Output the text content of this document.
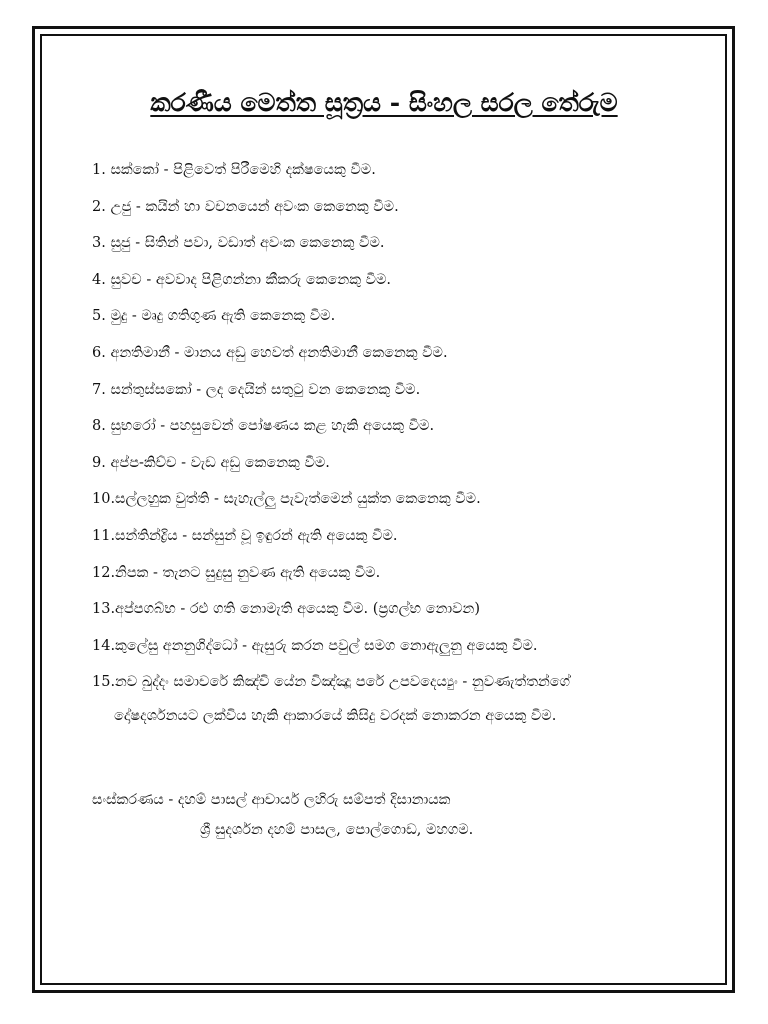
කරණීය මෙත්ත සූත්‍රය - සිංහල සරල තේරුම
1. සක්කෝ - පිළිවෙත් පිරීමෙහි දක්ෂයෙකු වීම.
2. උජු - කයින් හා වචනයෙන් අවංක කෙනෙකු වීම.
3. සුජු - සිතින් පවා, වඩාත් අවංක කෙනෙකු වීම.
4. සුවච - අවවාද පිළිගන්නා කීකරු කෙනෙකු වීම.
5. මුදු - මෘදු ගතිගුණ ඇති කෙනෙකු වීම.
6. අනතිමානී - මානය අඩු හෙවත් අනතිමානී කෙනෙකු වීම.
7. සන්තුස්සකෝ - ලද දෙයින් සතුටු වන කෙනෙකු වීම.
8. සුභරෝ - පහසුවෙන් පෝෂණය කළ හැකි අයෙකු වීම.
9. අප්ප-කිච්ච - වැඩ අඩු කෙනෙකු වීම.
10.සල්ලහුක වුත්ති - සැහැල්ලු පැවැත්මෙන් යුක්ත කෙනෙකු වීම.
11.සන්තින්ද්‍රිය - සන්සුන් වූ ඉඳුරන් ඇති අයෙකු වීම.
12.නිපක - තැනට සුදුසු නුවණ ඇති අයෙකු වීම.
13.අප්පගබ්භ - රළු ගති නොමැති අයෙකු වීම. (ප්‍රගල්භ නොවන)
14.කුලේසු අනනුගිද්ධෝ - ඇසුරු කරන පවුල් සමග නොඇලුනු අයෙකු වීම.
15.නච ඛුද්දං සමාචරේ කිඤ්චි යේන විඤ්ඤූ පරේ උපවදෙය්‍යුං - නුවණැත්තන්ගේ
දෝෂදර්ශනයට ලක්විය හැකි ආකාරයේ කිසිදු වරදක් නොකරන අයෙකු වීම.
සංස්කරණය - දහම් පාසල් ආචාර්ය ලහිරු සම්පත් දිසානායක
ශ්‍රී සුදර්ශන දහම් පාසල, පොල්ගොඩ, මහගම.
